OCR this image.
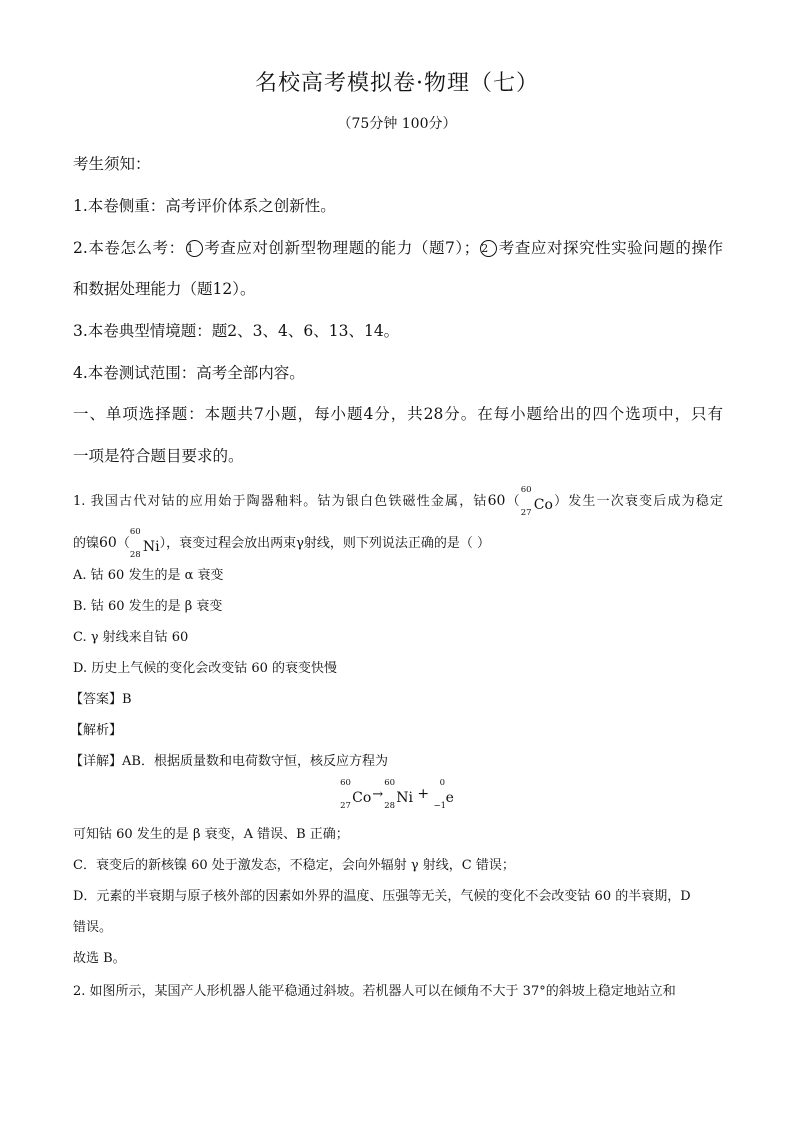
名校高考模拟卷·物理（七）
（75分钟 100分）
考生须知：
1.本卷侧重：高考评价体系之创新性。
2.本卷怎么考： 1 考查应对创新型物理题的能力（题7）； 2 考查应对探究性实验问题的操作
和数据处理能力（题12）。
3.本卷典型情境题：题2、3、4、6、13、14。
4.本卷测试范围：高考全部内容。
一、单项选择题：本题共7小题，每小题4分，共28分。在每小题给出的四个选项中，只有
一项是符合题目要求的。
1. 我国古代对钴的应用始于陶器釉料。钴为银白色铁磁性金属，钴60（
60
27 Co）发生一次衰变后成为稳定
的镍60（
60
28 Ni），衰变过程会放出两束γ射线，则下列说法正确的是（ ）
A. 钴 60 发生的是 α 衰变
B. 钴 60 发生的是 β 衰变
C. γ 射线来自钴 60
D. 历史上气候的变化会改变钴 60 的衰变快慢
【答案】B
【解析】
【详解】AB．根据质量数和电荷数守恒，核反应方程为
60
27 Co→
60
28 Ni +
0
−1 e
可知钴 60 发生的是 β 衰变，A 错误、B 正确；
C．衰变后的新核镍 60 处于激发态，不稳定，会向外辐射 γ 射线，C 错误；
D．元素的半衰期与原子核外部的因素如外界的温度、压强等无关，气候的变化不会改变钴 60 的半衰期，D
错误。
故选 B。
2. 如图所示，某国产人形机器人能平稳通过斜坡。若机器人可以在倾角不大于 37°的斜坡上稳定地站立和
